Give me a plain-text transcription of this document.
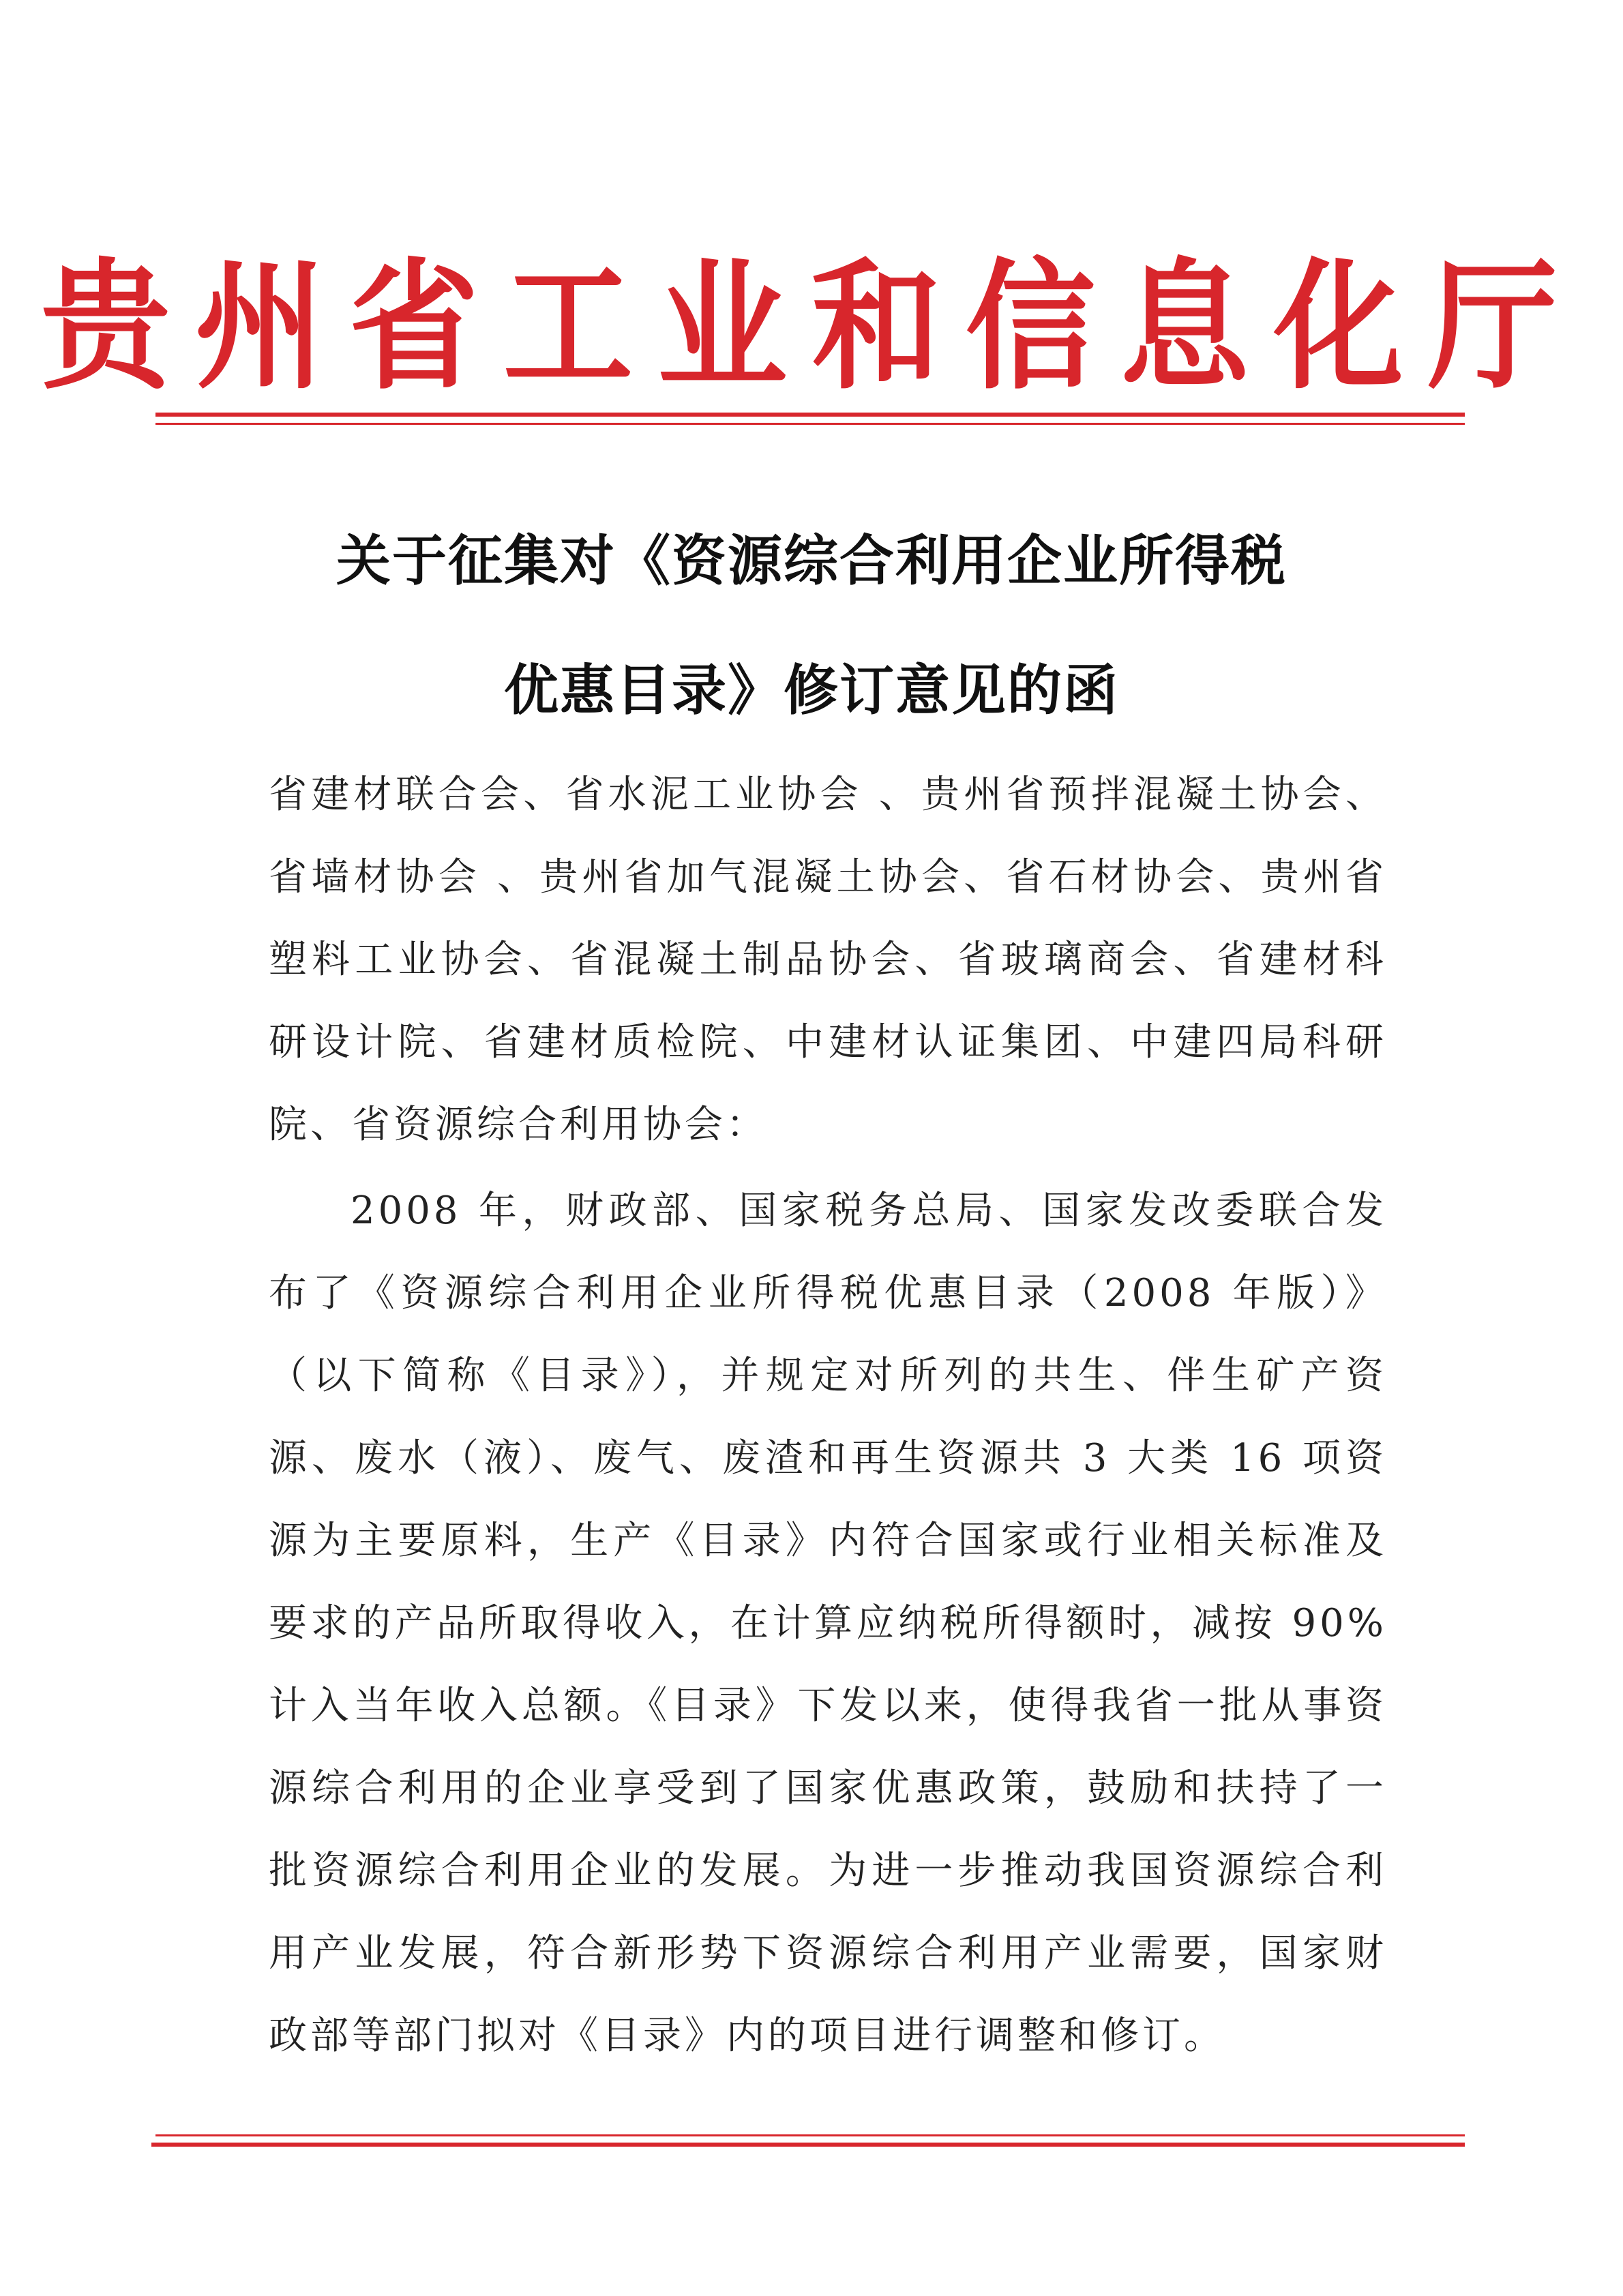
贵州省工业和信息化厅
关于征集对《资源综合利用企业所得税
优惠目录》修订意见的函
省建材联合会、省水泥工业协会 、贵州省预拌混凝土协会、省墙材协会 、贵州省加气混凝土协会、省石材协会、贵州省塑料工业协会、省混凝土制品协会、省玻璃商会、省建材科研设计院、省建材质检院、中建材认证集团、中建四局科研院、省资源综合利用协会：
2008 年，财政部、国家税务总局、国家发改委联合发布了《资源综合利用企业所得税优惠目录（2008 年版）》（以下简称《目录》），并规定对所列的共生、伴生矿产资源、废水（液）、废气、废渣和再生资源共 3 大类 16 项资源为主要原料，生产《目录》内符合国家或行业相关标准及要求的产品所取得收入，在计算应纳税所得额时，减按 90%计入当年收入总额。《目录》下发以来，使得我省一批从事资源综合利用的企业享受到了国家优惠政策，鼓励和扶持了一批资源综合利用企业的发展。为进一步推动我国资源综合利用产业发展，符合新形势下资源综合利用产业需要，国家财政部等部门拟对《目录》内的项目进行调整和修订。
